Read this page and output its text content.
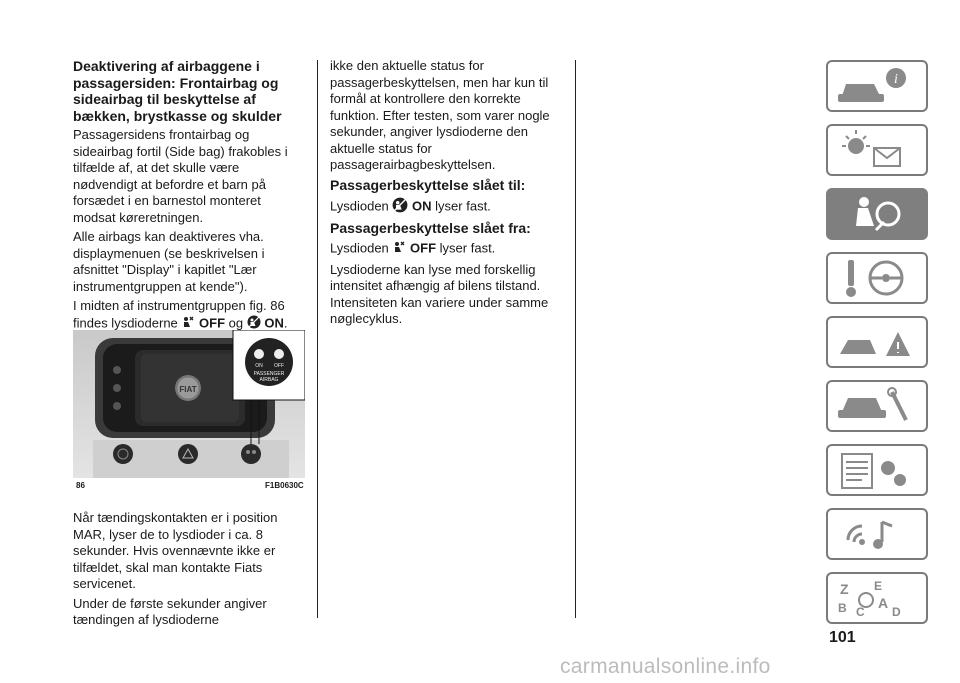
Deaktivering af airbaggene i passagersiden: Frontairbag og sideairbag til beskyttelse af bækken, brystkasse og skulder

Passagersidens frontairbag og sideairbag fortil (Side bag) frakobles i tilfælde af, at det skulle være nødvendigt at befordre et barn på forsædet i en barnestol monteret modsat køreretningen.

Alle airbags kan deaktiveres vha. displaymenuen (se beskrivelsen i afsnittet "Display" i kapitlet "Lær instrumentgruppen at kende").

I midten af instrumentgruppen fig. 86 findes lysdioderne OFF og ON.

FIAT
ON OFF
PASSENGER
AIRBAG
86	F1B0630C

Når tændingskontakten er i position MAR, lyser de to lysdioder i ca. 8 sekunder. Hvis ovennævnte ikke er tilfældet, skal man kontakte Fiats servicenet.

Under de første sekunder angiver tændingen af lysdioderne

ikke den aktuelle status for passagerbeskyttelsen, men har kun til formål at kontrollere den korrekte funktion. Efter testen, som varer nogle sekunder, angiver lysdioderne den aktuelle status for passagerairbagbeskyttelsen.

Passagerbeskyttelse slået til:

Lysdioden ON lyser fast.

Passagerbeskyttelse slået fra:

Lysdioden OFF lyser fast.

Lysdioderne kan lyse med forskellig intensitet afhængig af bilens tilstand. Intensiteten kan variere under samme nøglecyklus.

i
Z E
B C
A
D
101
carmanualsonline.info
